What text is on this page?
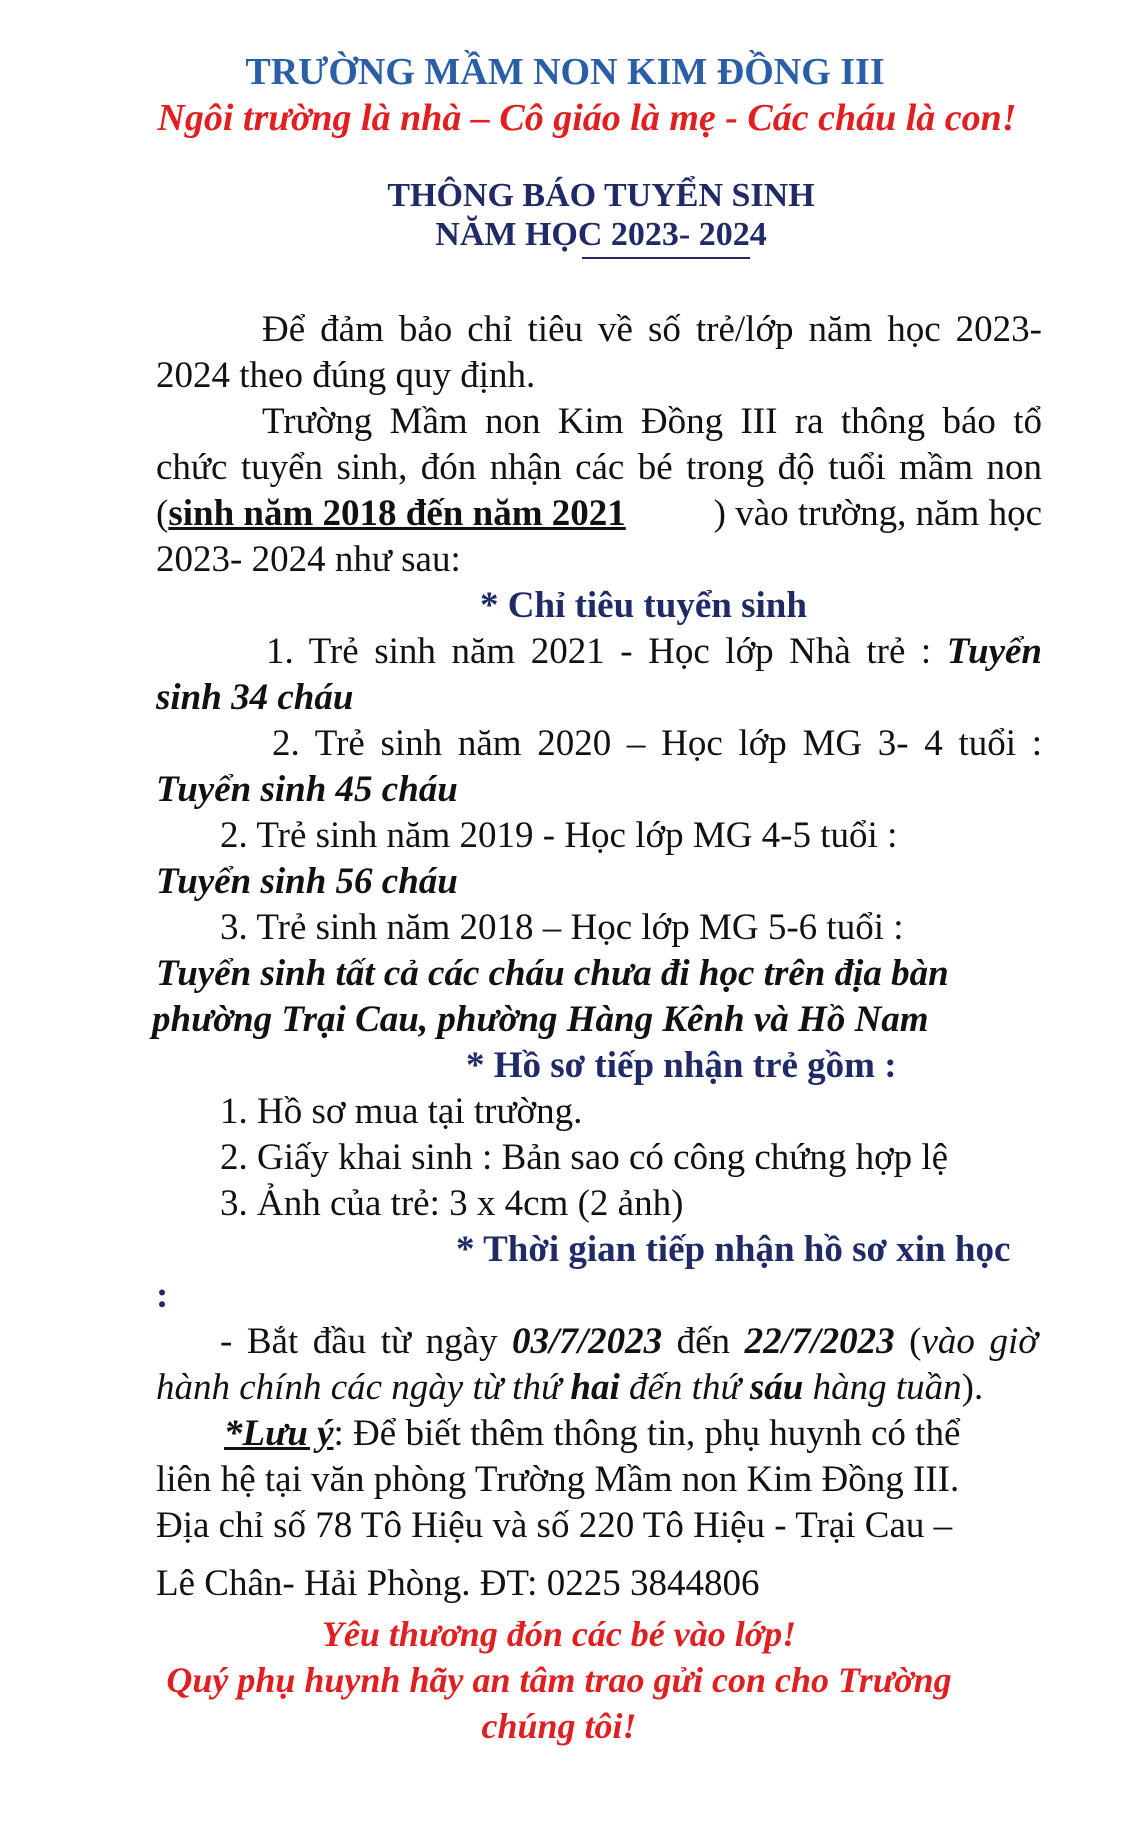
TRƯỜNG MẦM NON KIM ĐỒNG III
Ngôi trường là nhà – Cô giáo là mẹ - Các cháu là con!
THÔNG BÁO TUYỂN SINH
NĂM HỌC 2023- 2024
Để đảm bảo chỉ tiêu về số trẻ/lớp năm học 2023-
2024 theo đúng quy định.
Trường Mầm non Kim Đồng III ra thông báo tổ
chức tuyển sinh, đón nhận các bé trong độ tuổi mầm non
(sinh năm 2018 đến năm 2021 ) vào trường, năm học
2023- 2024 như sau:
* Chỉ tiêu tuyển sinh
1. Trẻ sinh năm 2021 - Học lớp Nhà trẻ : Tuyển
sinh 34 cháu
2. Trẻ sinh năm 2020 – Học lớp MG 3- 4 tuổi :
Tuyển sinh 45 cháu
2. Trẻ sinh năm 2019 - Học lớp MG 4-5 tuổi :
Tuyển sinh 56 cháu
3. Trẻ sinh năm 2018 – Học lớp MG 5-6 tuổi :
Tuyển sinh tất cả các cháu chưa đi học trên địa bàn
phường Trại Cau, phường Hàng Kênh và Hồ Nam
* Hồ sơ tiếp nhận trẻ gồm :
1. Hồ sơ mua tại trường.
2. Giấy khai sinh : Bản sao có công chứng hợp lệ
3. Ảnh của trẻ: 3 x 4cm (2 ảnh)
* Thời gian tiếp nhận hồ sơ xin học
:
- Bắt đầu từ ngày 03/7/2023 đến 22/7/2023 (vào giờ
hành chính các ngày từ thứ hai đến thứ sáu hàng tuần).
*Lưu ý: Để biết thêm thông tin, phụ huynh có thể
liên hệ tại văn phòng Trường Mầm non Kim Đồng III.
Địa chỉ số 78 Tô Hiệu và số 220 Tô Hiệu - Trại Cau –
Lê Chân- Hải Phòng. ĐT: 0225 3844806
Yêu thương đón các bé vào lớp!
Quý phụ huynh hãy an tâm trao gửi con cho Trường
chúng tôi!
